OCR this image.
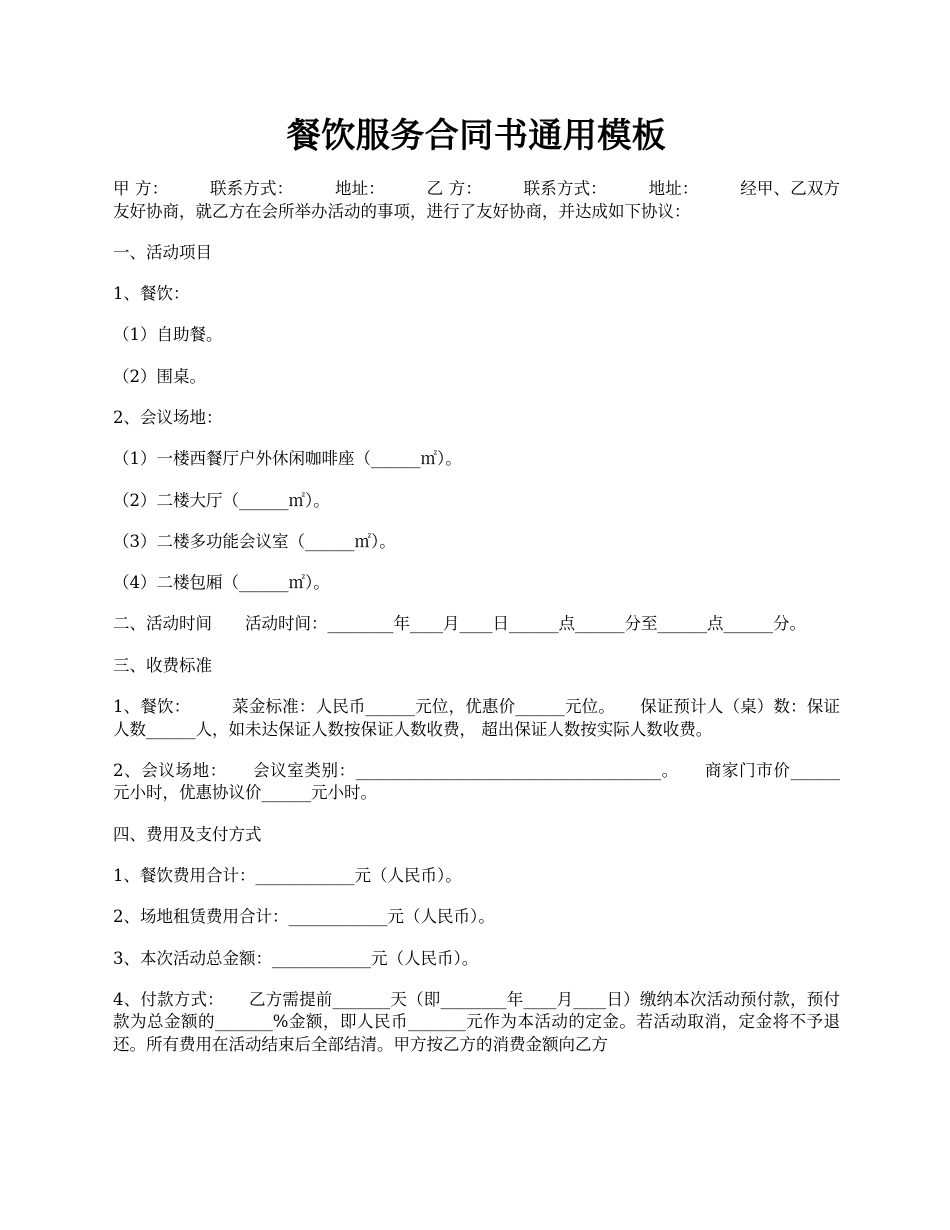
餐饮服务合同书通用模板

甲 方：　　　联系方式：　　　地址：　　　乙 方：　　　联系方式：　　　地址：　　　经甲、乙双方友好协商，就乙方在会所举办活动的事项，进行了友好协商，并达成如下协议：

一、活动项目

1、餐饮：

（1）自助餐。

（2）围桌。

2、会议场地：

（1）一楼西餐厅户外休闲咖啡座（______㎡）。

（2）二楼大厅（______㎡）。

（3）二楼多功能会议室（______㎡）。

（4）二楼包厢（______㎡）。

二、活动时间　　活动时间：________年____月____日______点______分至______点______分。

三、收费标准

1、餐饮：　　　菜金标准：人民币______元位，优惠价______元位。　　保证预计人（桌）数：保证人数______人，如未达保证人数按保证人数收费， 超出保证人数按实际人数收费。

2、会议场地：　　会议室类别：_____________________________________。　　商家门市价______元小时，优惠协议价______元小时。

四、费用及支付方式

1、餐饮费用合计：____________元（人民币）。

2、场地租赁费用合计：____________元（人民币）。

3、本次活动总金额：____________元（人民币）。

4、付款方式：　　乙方需提前_______天（即________年____月____日）缴纳本次活动预付款，预付款为总金额的_______%金额，即人民币_______元作为本活动的定金。若活动取消，定金将不予退还。所有费用在活动结束后全部结清。甲方按乙方的消费金额向乙方
